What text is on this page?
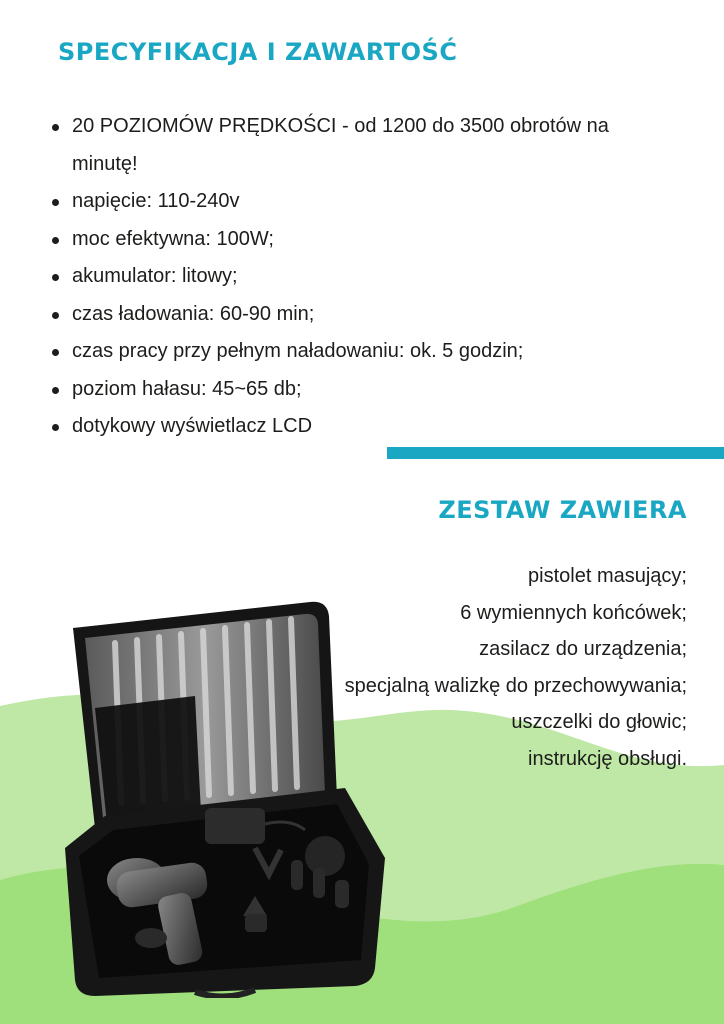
SPECYFIKACJA I ZAWARTOŚĆ
20 POZIOMÓW PRĘDKOŚCI - od 1200 do 3500 obrotów na minutę!
napięcie: 110-240v
moc efektywna: 100W;
akumulator: litowy;
czas ładowania: 60-90 min;
czas pracy przy pełnym naładowaniu: ok. 5 godzin;
poziom hałasu: 45~65 db;
dotykowy wyświetlacz LCD
ZESTAW ZAWIERA
pistolet masujący;
6 wymiennych końcówek;
zasilacz do urządzenia;
specjalną walizkę do przechowywania;
uszczelki do głowic;
instrukcję obsługi.
